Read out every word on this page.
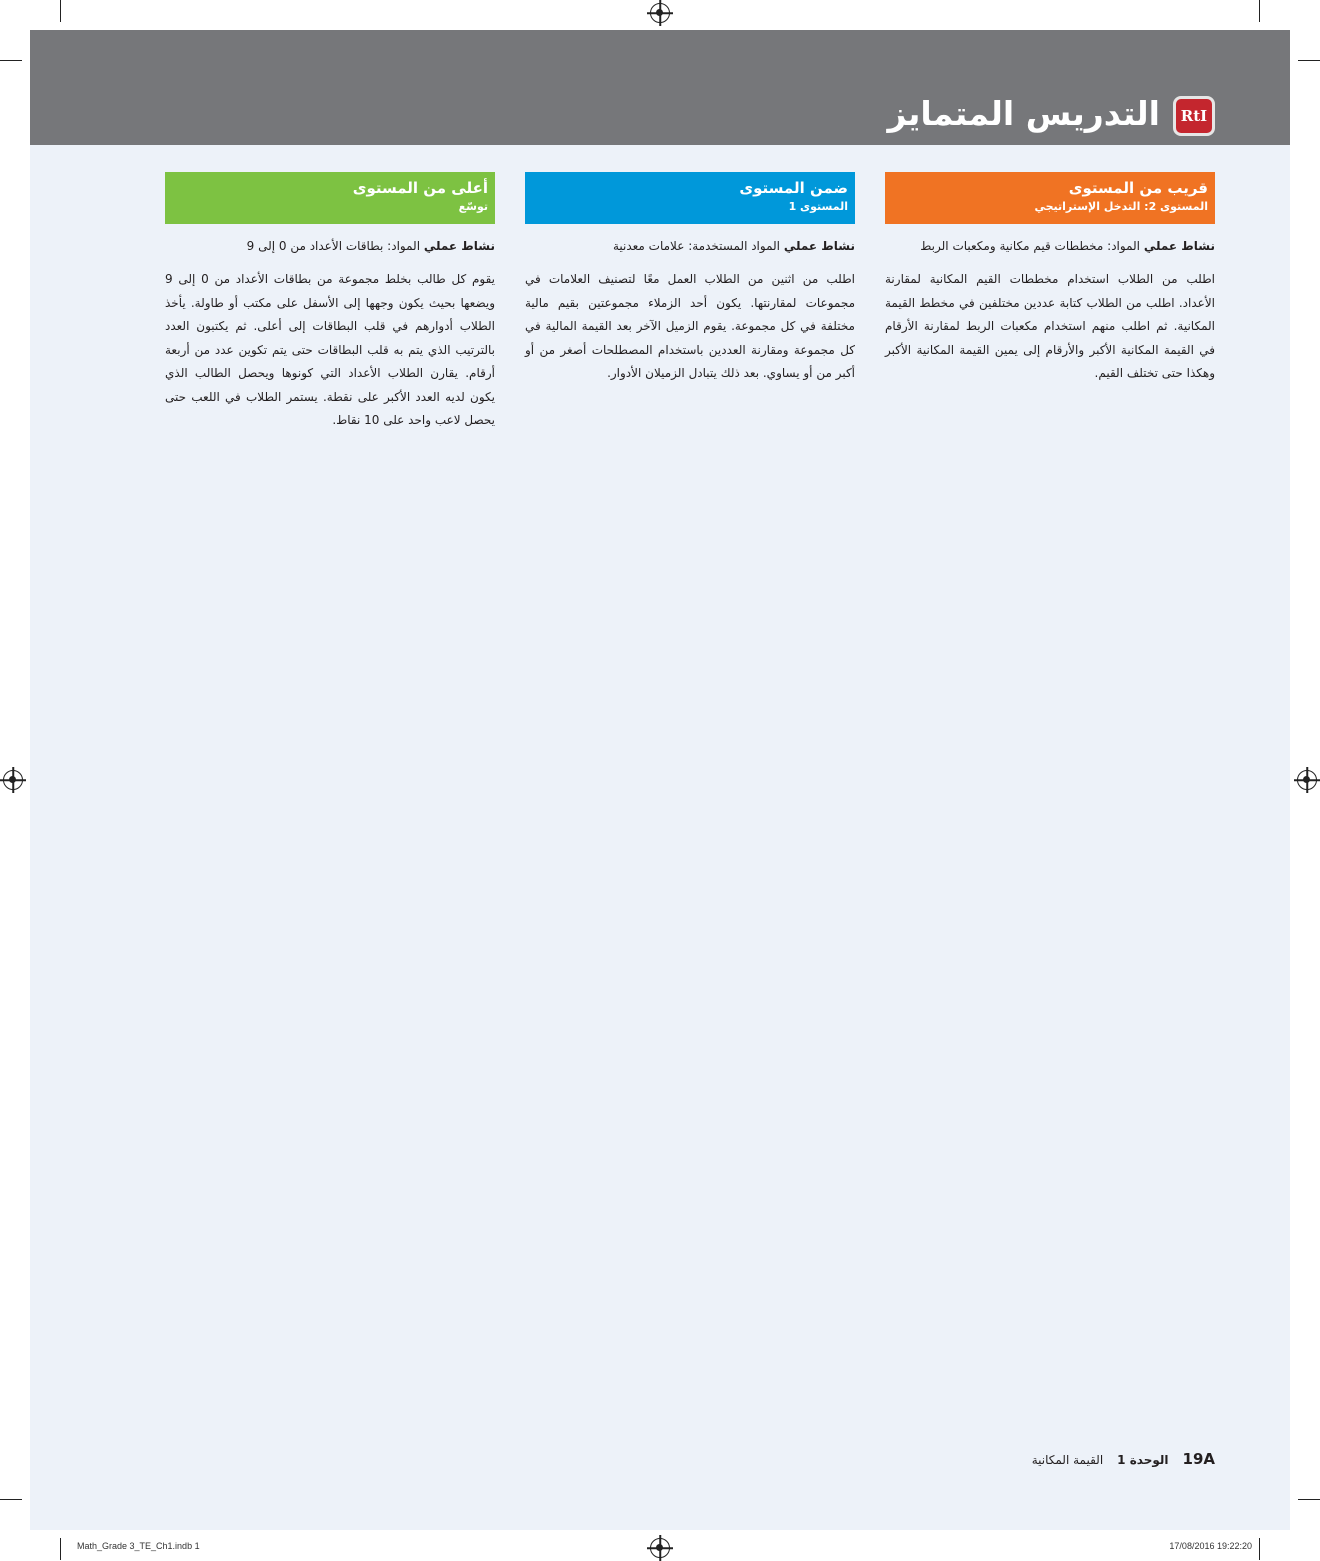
التدريس المتمايز	RtI
قريب من المستوى
المستوى 2: التدخل الإستراتيجي
نشاط عملي المواد: مخططات قيم مكانية ومكعبات الربط
اطلب من الطلاب استخدام مخططات القيم المكانية لمقارنة الأعداد. اطلب من الطلاب كتابة عددين مختلفين في مخطط القيمة المكانية. ثم اطلب منهم استخدام مكعبات الربط لمقارنة الأرقام في القيمة المكانية الأكبر والأرقام إلى يمين القيمة المكانية الأكبر وهكذا حتى تختلف القيم.
ضمن المستوى
المستوى 1
نشاط عملي المواد المستخدمة: علامات معدنية
اطلب من اثنين من الطلاب العمل معًا لتصنيف العلامات في مجموعات لمقارنتها. يكون أحد الزملاء مجموعتين بقيم مالية مختلفة في كل مجموعة. يقوم الزميل الآخر بعد القيمة المالية في كل مجموعة ومقارنة العددين باستخدام المصطلحات أصغر من أو أكبر من أو يساوي. بعد ذلك يتبادل الزميلان الأدوار.
أعلى من المستوى
توسّع
نشاط عملي المواد: بطاقات الأعداد من 0 إلى 9
يقوم كل طالب بخلط مجموعة من بطاقات الأعداد من 0 إلى 9 ويضعها بحيث يكون وجهها إلى الأسفل على مكتب أو طاولة. يأخذ الطلاب أدوارهم في قلب البطاقات إلى أعلى. ثم يكتبون العدد بالترتيب الذي يتم به قلب البطاقات حتى يتم تكوين عدد من أربعة أرقام. يقارن الطلاب الأعداد التي كونوها ويحصل الطالب الذي يكون لديه العدد الأكبر على نقطة. يستمر الطلاب في اللعب حتى يحصل لاعب واحد على 10 نقاط.
19A
الوحدة 1
القيمة المكانية
Math_Grade 3_TE_Ch1.indb 1	17/08/2016 19:22:20
